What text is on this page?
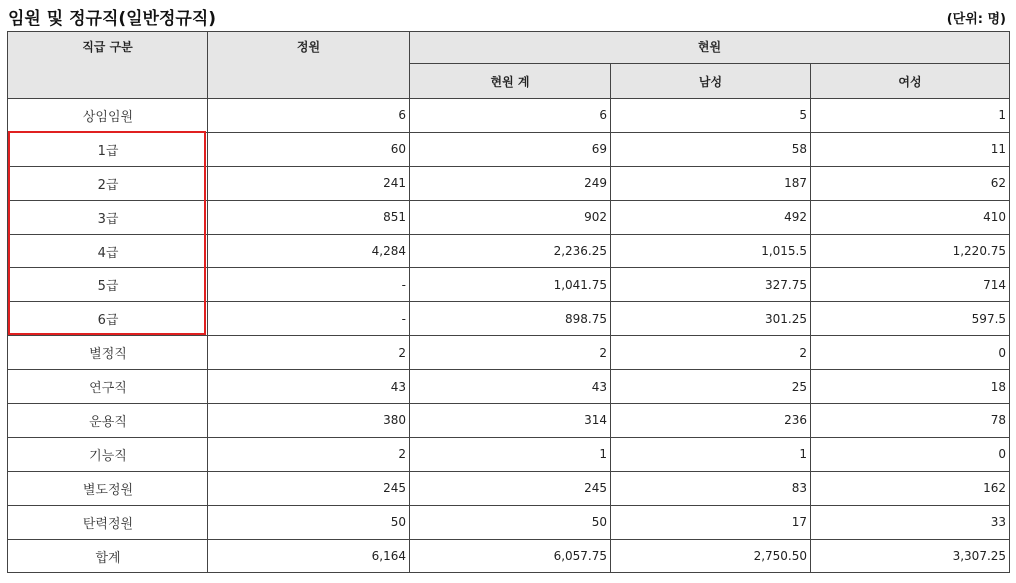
임원 및 정규직(일반정규직)	(단위: 명)
직급 구분	정원	현원		
		현원 계	남성	여성
상임임원	6	6	5	1
1급	60	69	58	11
2급	241	249	187	62
3급	851	902	492	410
4급	4,284	2,236.25	1,015.5	1,220.75
5급	-	1,041.75	327.75	714
6급	-	898.75	301.25	597.5
별정직	2	2	2	0
연구직	43	43	25	18
운용직	380	314	236	78
기능직	2	1	1	0
별도정원	245	245	83	162
탄력정원	50	50	17	33
합계	6,164	6,057.75	2,750.50	3,307.25
